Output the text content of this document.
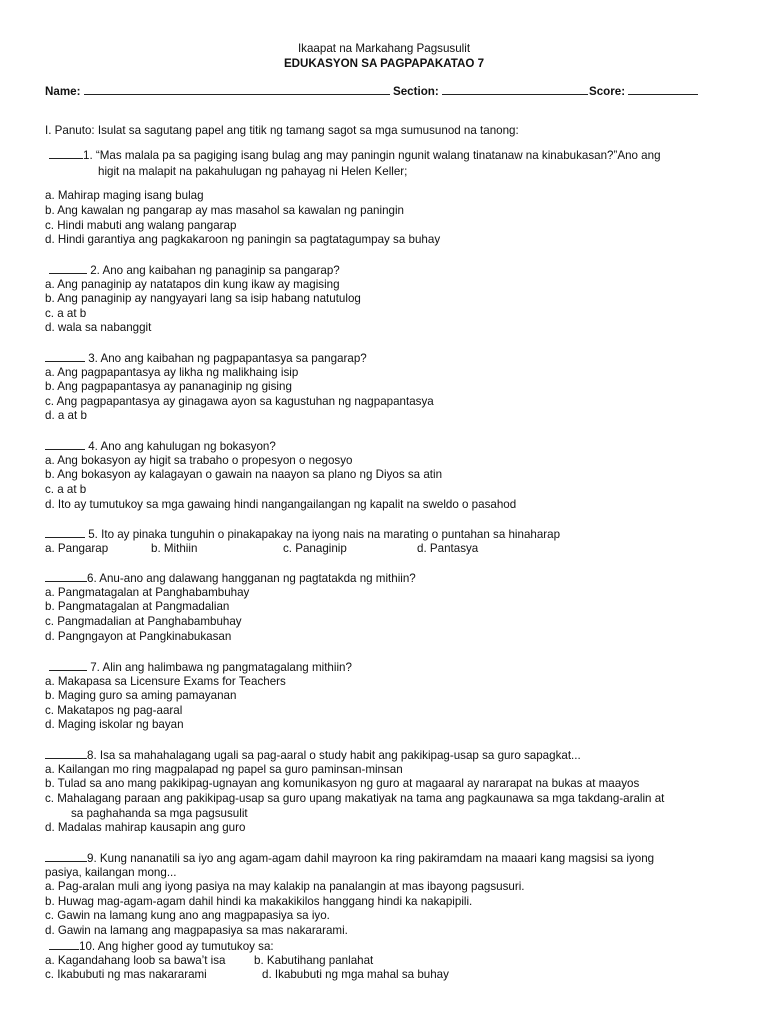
Ikaapat na Markahang Pagsusulit
EDUKASYON SA PAGPAPAKATAO 7
Name:	Section:	Score:
I. Panuto: Isulat sa sagutang papel ang titik ng tamang sagot sa mga sumusunod na tanong:
1. “Mas malala pa sa pagiging isang bulag ang may paningin ngunit walang tinatanaw na kinabukasan?”Ano ang
higit na malapit na pakahulugan ng pahayag ni Helen Keller;
a. Mahirap maging isang bulag
b. Ang kawalan ng pangarap ay mas masahol sa kawalan ng paningin
c. Hindi mabuti ang walang pangarap
d. Hindi garantiya ang pagkakaroon ng paningin sa pagtatagumpay sa buhay
2. Ano ang kaibahan ng panaginip sa pangarap?
a. Ang panaginip ay natatapos din kung ikaw ay magising
b. Ang panaginip ay nangyayari lang sa isip habang natutulog
c. a at b
d. wala sa nabanggit
3. Ano ang kaibahan ng pagpapantasya sa pangarap?
a. Ang pagpapantasya ay likha ng malikhaing isip
b. Ang pagpapantasya ay pananaginip ng gising
c. Ang pagpapantasya ay ginagawa ayon sa kagustuhan ng nagpapantasya
d. a at b
4. Ano ang kahulugan ng bokasyon?
a. Ang bokasyon ay higit sa trabaho o propesyon o negosyo
b. Ang bokasyon ay kalagayan o gawain na naayon sa plano ng Diyos sa atin
c. a at b
d. Ito ay tumutukoy sa mga gawaing hindi nangangailangan ng kapalit na sweldo o pasahod
5. Ito ay pinaka tunguhin o pinakapakay na iyong nais na marating o puntahan sa hinaharap
a. Pangarap	b. Mithiin	c. Panaginip	d. Pantasya
6. Anu-ano ang dalawang hangganan ng pagtatakda ng mithiin?
a. Pangmatagalan at Panghabambuhay
b. Pangmatagalan at Pangmadalian
c. Pangmadalian at Panghabambuhay
d. Pangngayon at Pangkinabukasan
7. Alin ang halimbawa ng pangmatagalang mithiin?
a. Makapasa sa Licensure Exams for Teachers
b. Maging guro sa aming pamayanan
c. Makatapos ng pag-aaral
d. Maging iskolar ng bayan
8. Isa sa mahahalagang ugali sa pag-aaral o study habit ang pakikipag-usap sa guro sapagkat...
a. Kailangan mo ring magpalapad ng papel sa guro paminsan-minsan
b. Tulad sa ano mang pakikipag-ugnayan ang komunikasyon ng guro at magaaral ay nararapat na bukas at maayos
c. Mahalagang paraan ang pakikipag-usap sa guro upang makatiyak na tama ang pagkaunawa sa mga takdang-aralin at
sa paghahanda sa mga pagsusulit
d. Madalas mahirap kausapin ang guro
9. Kung nananatili sa iyo ang agam-agam dahil mayroon ka ring pakiramdam na maaari kang magsisi sa iyong
pasiya, kailangan mong...
a. Pag-aralan muli ang iyong pasiya na may kalakip na panalangin at mas ibayong pagsusuri.
b. Huwag mag-agam-agam dahil hindi ka makakikilos hanggang hindi ka nakapipili.
c. Gawin na lamang kung ano ang magpapasiya sa iyo.
d. Gawin na lamang ang magpapasiya sa mas nakararami.
10. Ang higher good ay tumutukoy sa:
a. Kagandahang loob sa bawa’t isa b. Kabutihang panlahat
c. Ikabubuti ng mas nakararami	d. Ikabubuti ng mga mahal sa buhay
